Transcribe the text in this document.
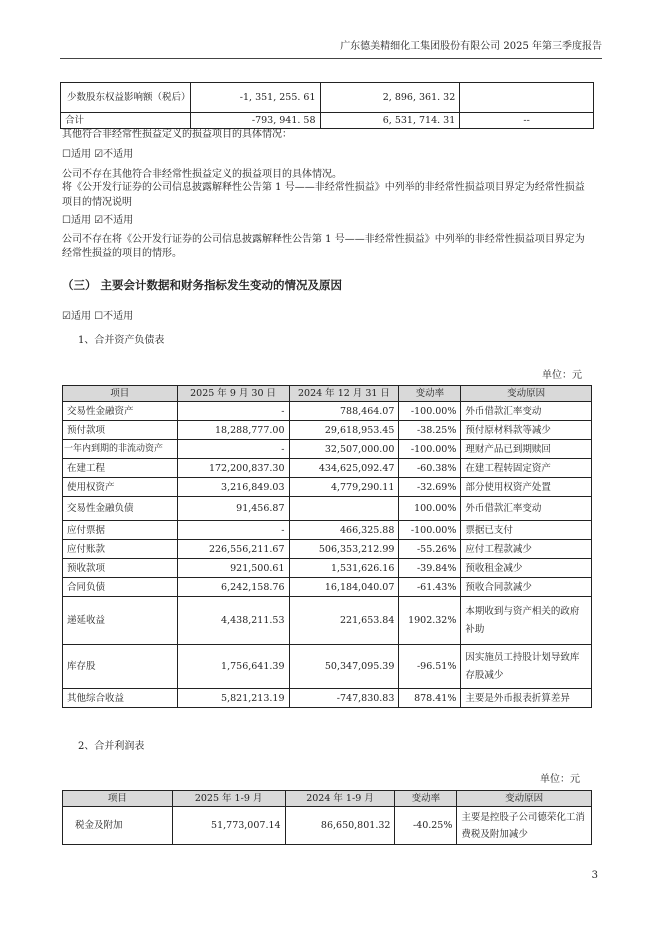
广东德美精细化工集团股份有限公司 2025 年第三季度报告
少数股东权益影响额（税后）	-1, 351, 255. 61	2, 896, 361. 32	
合计	-793, 941. 58	6, 531, 714. 31	--
其他符合非经常性损益定义的损益项目的具体情况：
☐适用 ☑不适用
公司不存在其他符合非经常性损益定义的损益项目的具体情况。
将《公开发行证券的公司信息披露解释性公告第 1 号——非经常性损益》中列举的非经常性损益项目界定为经常性损益
项目的情况说明
☐适用 ☑不适用
公司不存在将《公开发行证券的公司信息披露解释性公告第 1 号——非经常性损益》中列举的非经常性损益项目界定为
经常性损益的项目的情形。
（三） 主要会计数据和财务指标发生变动的情况及原因
☑适用 ☐不适用
1、合并资产负债表
单位：元
项目	2025 年 9 月 30 日	2024 年 12 月 31 日	变动率	变动原因
交易性金融资产	-	788,464.07	-100.00%	外币借款汇率变动
预付款项	18,288,777.00	29,618,953.45	-38.25%	预付原材料款等减少
一年内到期的非流动资产	-	32,507,000.00	-100.00%	理财产品已到期赎回
在建工程	172,200,837.30	434,625,092.47	-60.38%	在建工程转固定资产
使用权资产	3,216,849.03	4,779,290.11	-32.69%	部分使用权资产处置
交易性金融负债	91,456.87		100.00%	外币借款汇率变动
应付票据	-	466,325.88	-100.00%	票据已支付
应付账款	226,556,211.67	506,353,212.99	-55.26%	应付工程款减少
预收款项	921,500.61	1,531,626.16	-39.84%	预收租金减少
合同负债	6,242,158.76	16,184,040.07	-61.43%	预收合同款减少
递延收益	4,438,211.53	221,653.84	1902.32%	本期收到与资产相关的政府补助
库存股	1,756,641.39	50,347,095.39	-96.51%	因实施员工持股计划导致库存股减少
其他综合收益	5,821,213.19	-747,830.83	878.41%	主要是外币报表折算差异
2、合并利润表
单位：元
项目	2025 年 1-9 月	2024 年 1-9 月	变动率	变动原因
税金及附加	51,773,007.14	86,650,801.32	-40.25%	主要是控股子公司德荣化工消费税及附加减少
3
